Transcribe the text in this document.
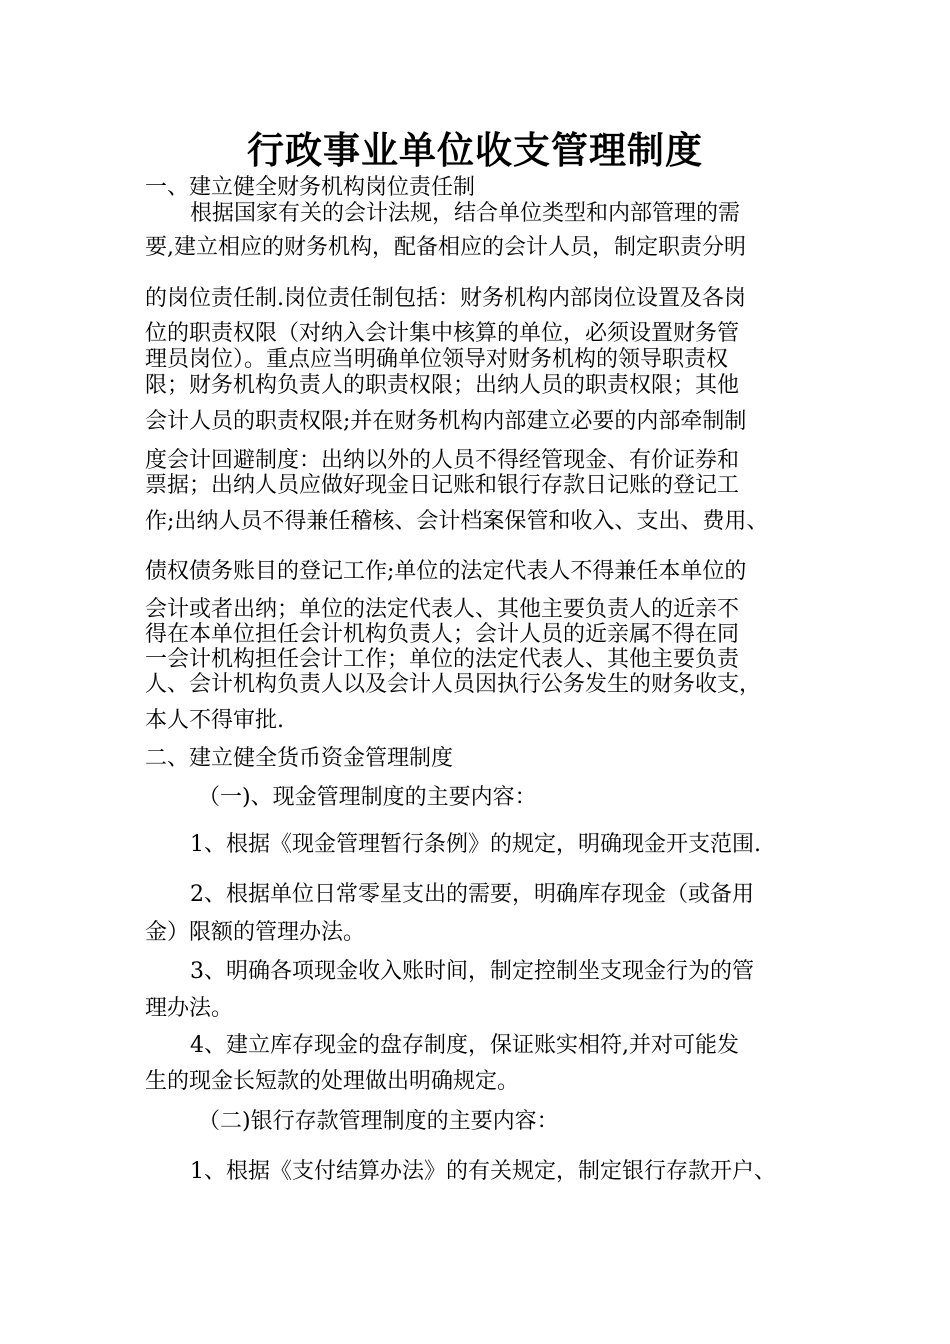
行政事业单位收支管理制度
一、建立健全财务机构岗位责任制
根据国家有关的会计法规，结合单位类型和内部管理的需
要,建立相应的财务机构，配备相应的会计人员，制定职责分明
的岗位责任制.岗位责任制包括：财务机构内部岗位设置及各岗
位的职责权限（对纳入会计集中核算的单位，必须设置财务管
理员岗位）。重点应当明确单位领导对财务机构的领导职责权
限；财务机构负责人的职责权限；出纳人员的职责权限；其他
会计人员的职责权限;并在财务机构内部建立必要的内部牵制制
度会计回避制度：出纳以外的人员不得经管现金、有价证券和
票据；出纳人员应做好现金日记账和银行存款日记账的登记工
作;出纳人员不得兼任稽核、会计档案保管和收入、支出、费用、
债权债务账目的登记工作;单位的法定代表人不得兼任本单位的
会计或者出纳；单位的法定代表人、其他主要负责人的近亲不
得在本单位担任会计机构负责人；会计人员的近亲属不得在同
一会计机构担任会计工作；单位的法定代表人、其他主要负责
人、会计机构负责人以及会计人员因执行公务发生的财务收支，
本人不得审批.
二、建立健全货币资金管理制度
（一)、现金管理制度的主要内容：
1、根据《现金管理暂行条例》的规定，明确现金开支范围.
2、根据单位日常零星支出的需要，明确库存现金（或备用
金）限额的管理办法。
3、明确各项现金收入账时间，制定控制坐支现金行为的管
理办法。
4、建立库存现金的盘存制度，保证账实相符,并对可能发
生的现金长短款的处理做出明确规定。
（二)银行存款管理制度的主要内容：
1、根据《支付结算办法》的有关规定，制定银行存款开户、
